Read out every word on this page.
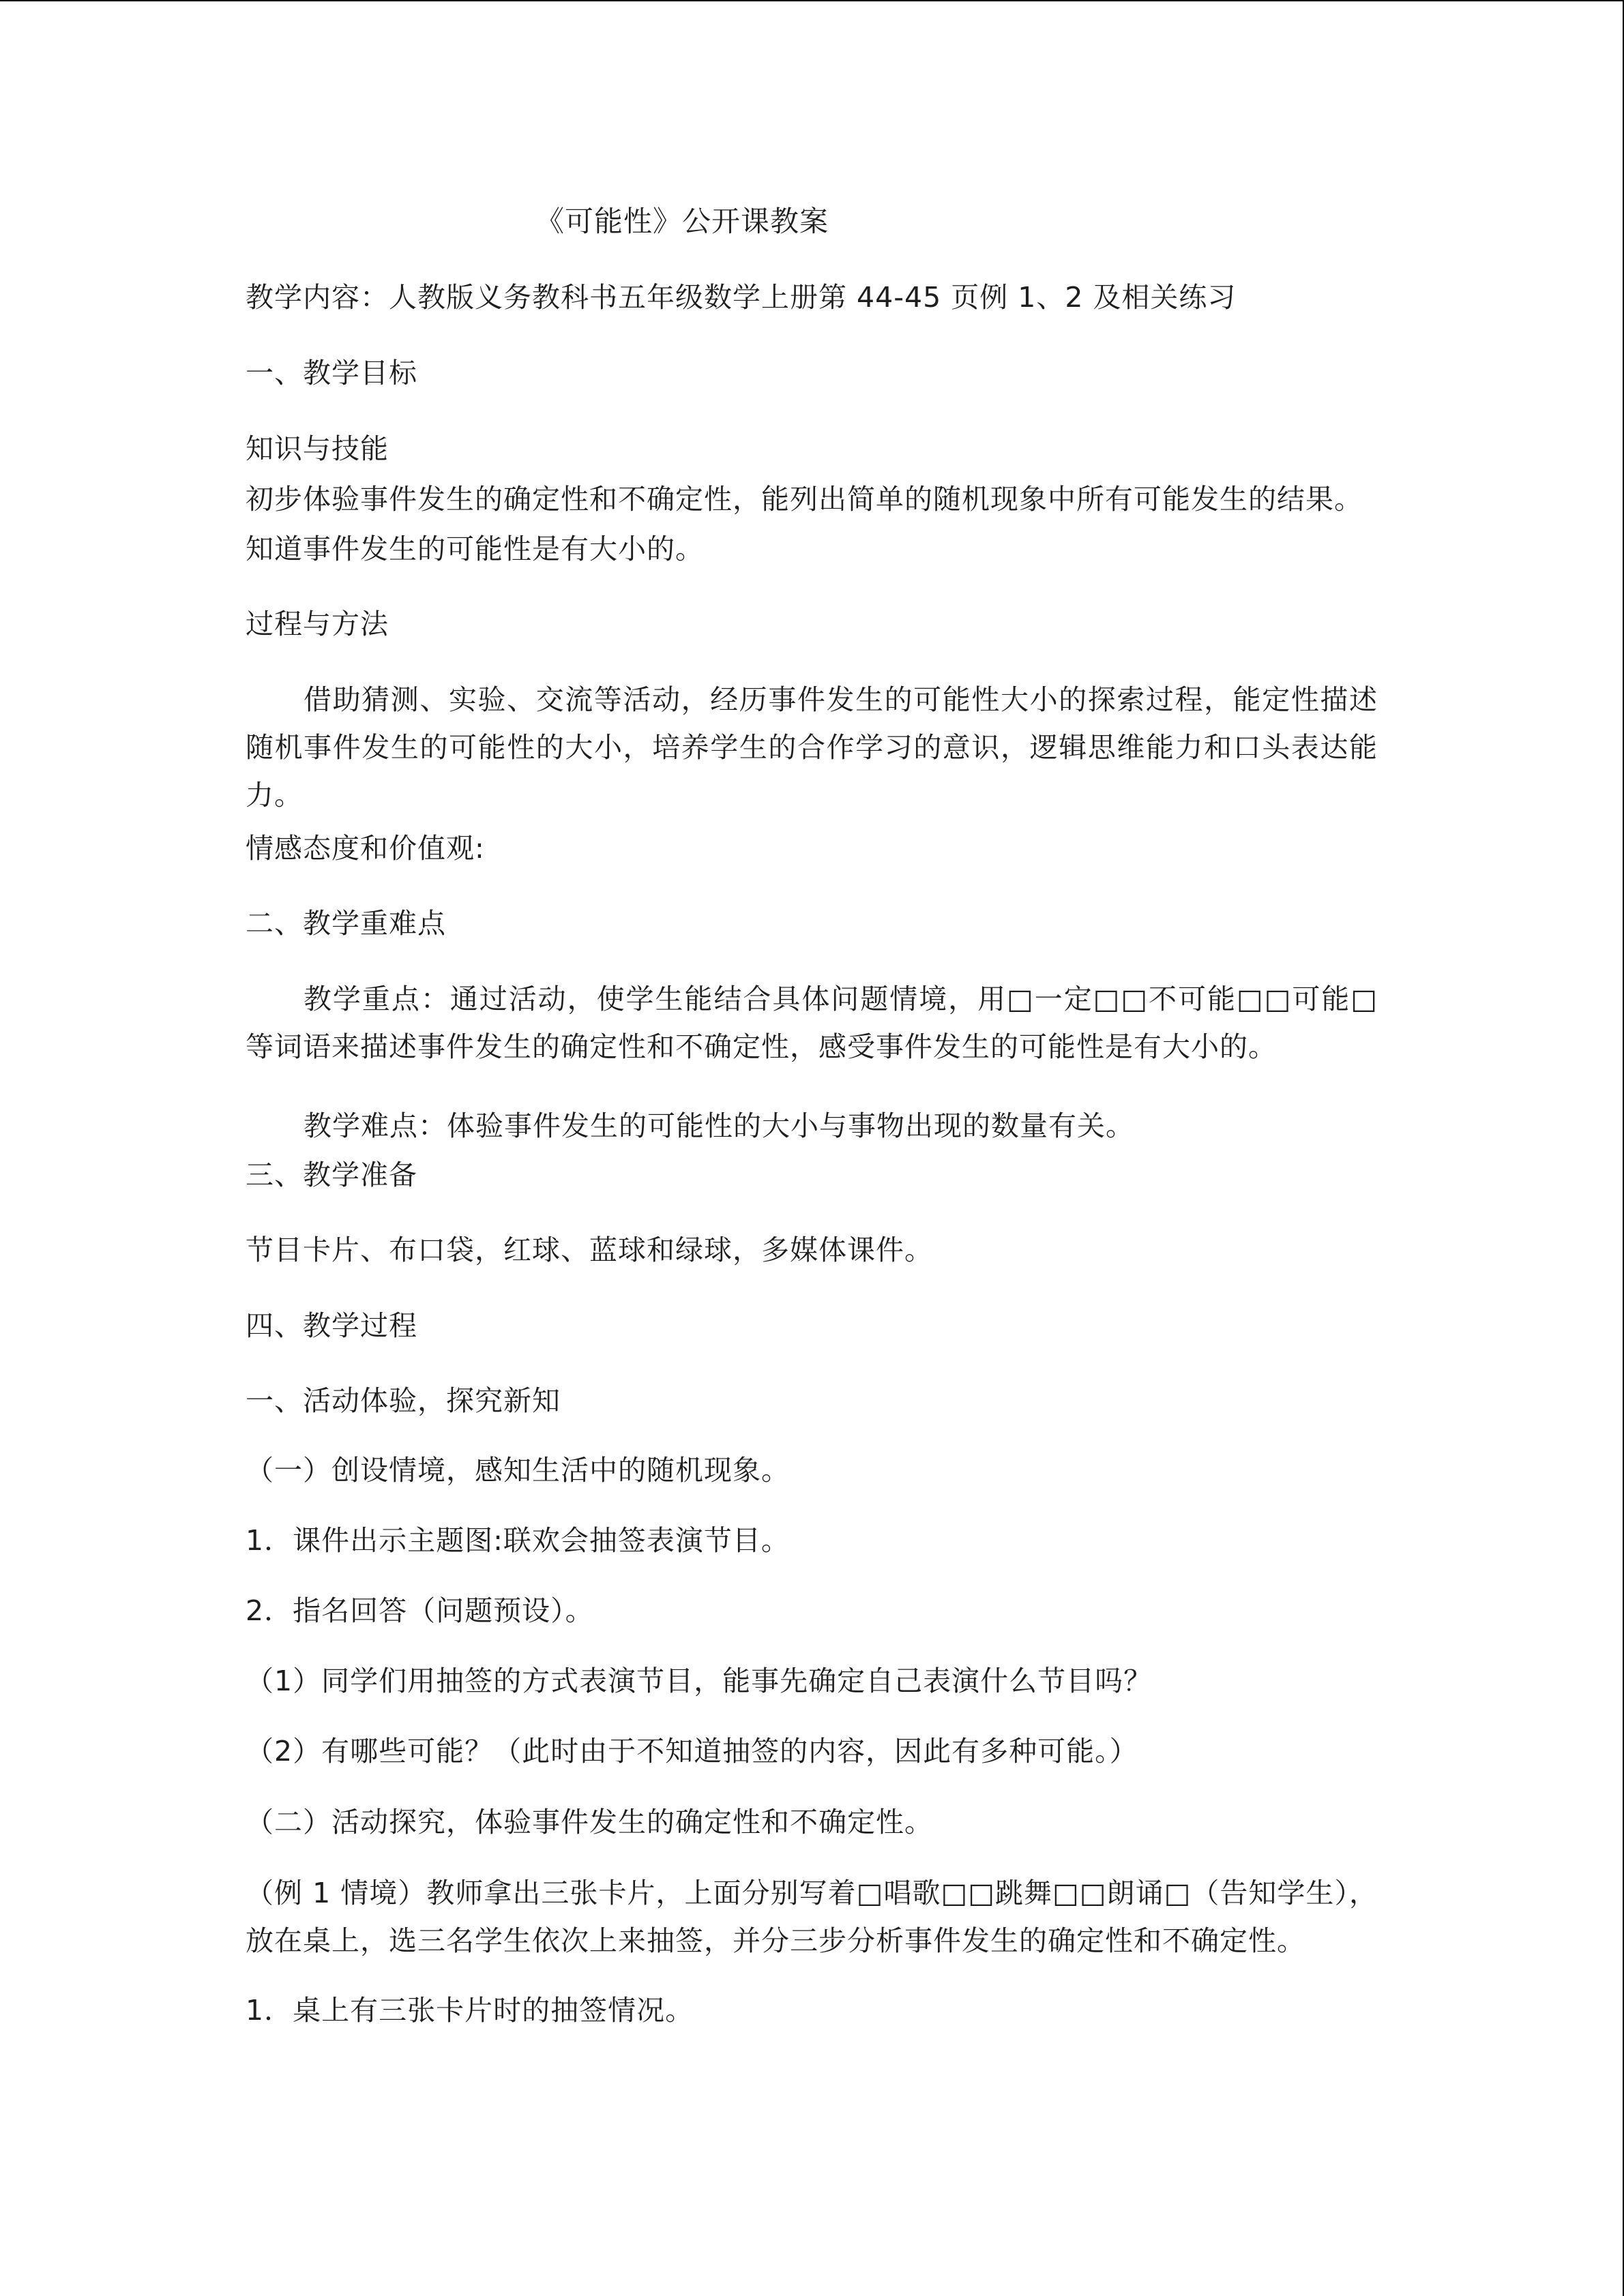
《可能性》公开课教案
教学内容：人教版义务教科书五年级数学上册第 44-45 页例 1、2 及相关练习
一、教学目标
知识与技能
初步体验事件发生的确定性和不确定性，能列出简单的随机现象中所有可能发生的结果。
知道事件发生的可能性是有大小的。
过程与方法
借助猜测、实验、交流等活动，经历事件发生的可能性大小的探索过程，能定性描述随机事件发生的可能性的大小，培养学生的合作学习的意识，逻辑思维能力和口头表达能力。
情感态度和价值观:
二、教学重难点
教学重点：通过活动，使学生能结合具体问题情境，用□一定□□不可能□□可能□等词语来描述事件发生的确定性和不确定性，感受事件发生的可能性是有大小的。
教学难点：体验事件发生的可能性的大小与事物出现的数量有关。
三、教学准备
节目卡片、布口袋，红球、蓝球和绿球，多媒体课件。
四、教学过程
一、活动体验，探究新知
（一）创设情境，感知生活中的随机现象。
1．课件出示主题图:联欢会抽签表演节目。
2．指名回答（问题预设）。
（1）同学们用抽签的方式表演节目，能事先确定自己表演什么节目吗？
（2）有哪些可能？（此时由于不知道抽签的内容，因此有多种可能。）
（二）活动探究，体验事件发生的确定性和不确定性。
（例 1 情境）教师拿出三张卡片，上面分别写着□唱歌□□跳舞□□朗诵□（告知学生），放在桌上，选三名学生依次上来抽签，并分三步分析事件发生的确定性和不确定性。
1．桌上有三张卡片时的抽签情况。
